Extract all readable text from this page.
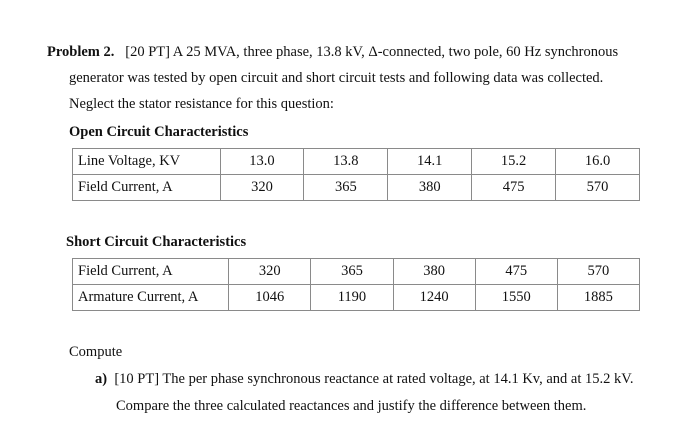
Problem 2. [20 PT] A 25 MVA, three phase, 13.8 kV, Δ-connected, two pole, 60 Hz synchronous
generator was tested by open circuit and short circuit tests and following data was collected.
Neglect the stator resistance for this question:
Open Circuit Characteristics
Line Voltage, KV	13.0	13.8	14.1	15.2	16.0
Field Current, A	320	365	380	475	570
Short Circuit Characteristics
Field Current, A	320	365	380	475	570
Armature Current, A	1046	1190	1240	1550	1885
Compute
a) [10 PT] The per phase synchronous reactance at rated voltage, at 14.1 Kv, and at 15.2 kV.
Compare the three calculated reactances and justify the difference between them.
